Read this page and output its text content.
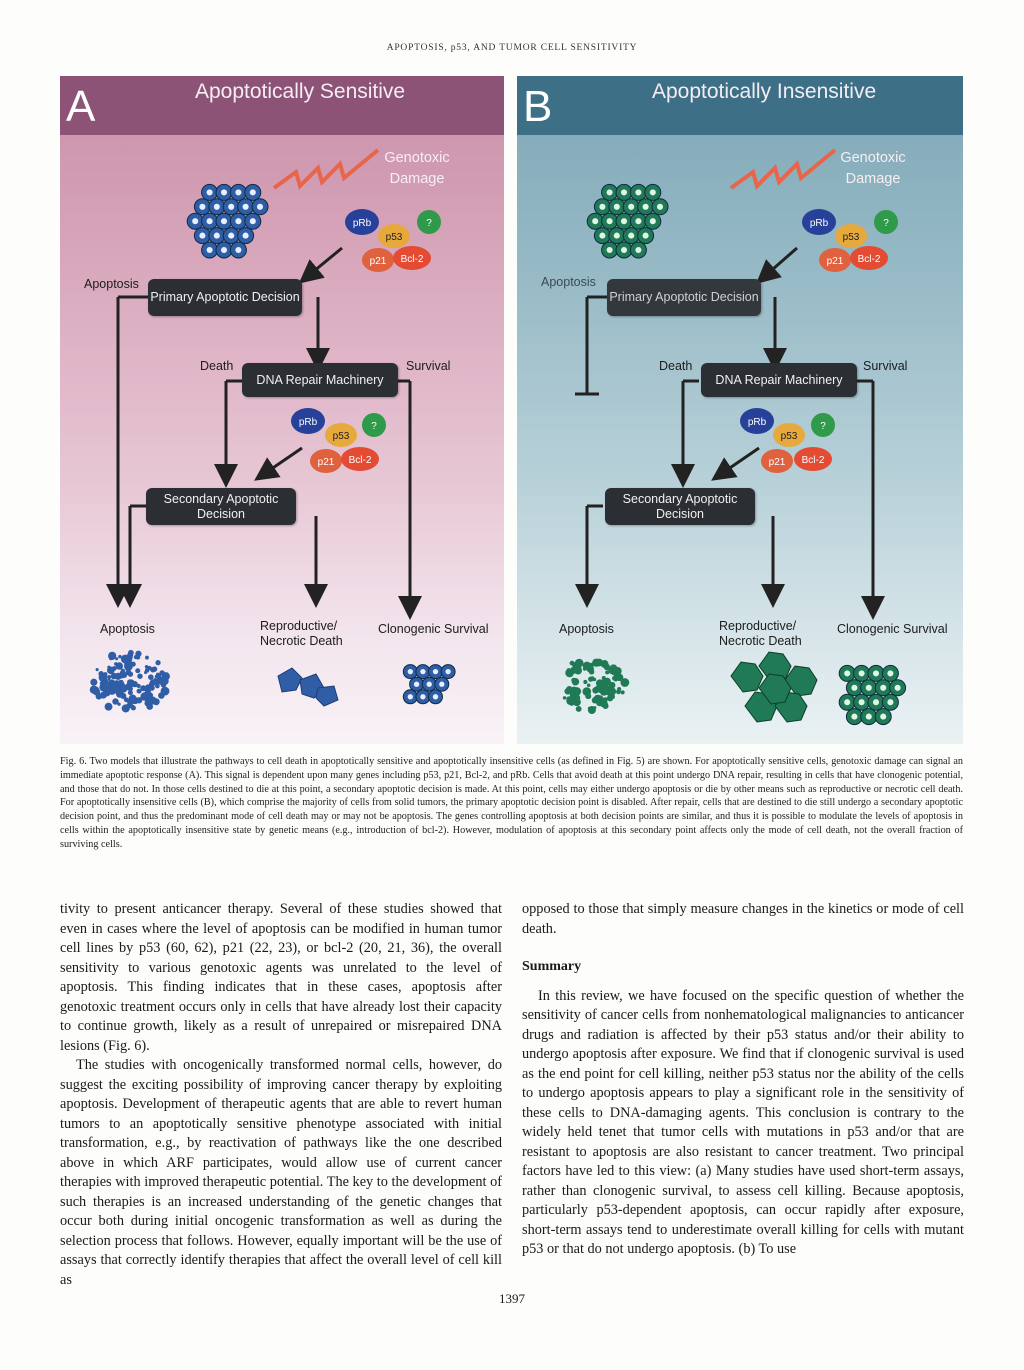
APOPTOSIS, p53, AND TUMOR CELL SENSITIVITY
A	Apoptotically Sensitive
pRb
p53
?
p21 Bcl-2
pRb
p53
?
p21 Bcl-2
Genotoxic Damage
Apoptosis
Primary Apoptotic Decision
Death	Survival
DNA Repair Machinery
Secondary Apoptotic Decision
Apoptosis	Reproductive/ Necrotic Death
Clonogenic Survival
B	Apoptotically Insensitive
pRb
p53
?
p21 Bcl-2
pRb
p53
?
p21 Bcl-2
Genotoxic Damage
Apoptosis
Primary Apoptotic Decision
Death	Survival
DNA Repair Machinery
Secondary Apoptotic Decision
Apoptosis	Reproductive/ Necrotic Death
Clonogenic Survival
Fig. 6. Two models that illustrate the pathways to cell death in apoptotically sensitive and apoptotically insensitive cells (as defined in Fig. 5) are shown. For apoptotically sensitive cells, genotoxic damage can signal an immediate apoptotic response (A). This signal is dependent upon many genes including p53, p21, Bcl-2, and pRb. Cells that avoid death at this point undergo DNA repair, resulting in cells that have clonogenic potential, and those that do not. In those cells destined to die at this point, a secondary apoptotic decision is made. At this point, cells may either undergo apoptosis or die by other means such as reproductive or necrotic cell death. For apoptotically insensitive cells (B), which comprise the majority of cells from solid tumors, the primary apoptotic decision point is disabled. After repair, cells that are destined to die still undergo a secondary apoptotic decision point, and thus the predominant mode of cell death may or may not be apoptosis. The genes controlling apoptosis at both decision points are similar, and thus it is possible to modulate the levels of apoptosis in cells within the apoptotically insensitive state by genetic means (e.g., introduction of bcl-2). However, modulation of apoptosis at this secondary point affects only the mode of cell death, not the overall fraction of surviving cells.

tivity to present anticancer therapy. Several of these studies showed that even in cases where the level of apoptosis can be modified in human tumor cell lines by p53 (60, 62), p21 (22, 23), or bcl-2 (20, 21, 36), the overall sensitivity to various genotoxic agents was unrelated to the level of apoptosis. This finding indicates that in these cases, apoptosis after genotoxic treatment occurs only in cells that have already lost their capacity to continue growth, likely as a result of unrepaired or misrepaired DNA lesions (Fig. 6).

The studies with oncogenically transformed normal cells, however, do suggest the exciting possibility of improving cancer therapy by exploiting apoptosis. Development of therapeutic agents that are able to revert human tumors to an apoptotically sensitive phenotype associated with initial transformation, e.g., by reactivation of pathways like the one described above in which ARF participates, would allow use of current cancer therapies with improved therapeutic potential. The key to the development of such therapies is an increased understanding of the genetic changes that occur both during initial oncogenic transformation as well as during the selection process that follows. However, equally important will be the use of assays that correctly identify therapies that affect the overall level of cell kill as

opposed to those that simply measure changes in the kinetics or mode of cell death.

Summary

In this review, we have focused on the specific question of whether the sensitivity of cancer cells from nonhematological malignancies to anticancer drugs and radiation is affected by their p53 status and/or their ability to undergo apoptosis after exposure. We find that if clonogenic survival is used as the end point for cell killing, neither p53 status nor the ability of the cells to undergo apoptosis appears to play a significant role in the sensitivity of these cells to DNA-damaging agents. This conclusion is contrary to the widely held tenet that tumor cells with mutations in p53 and/or that are resistant to apoptosis are also resistant to cancer treatment. Two principal factors have led to this view: (a) Many studies have used short-term assays, rather than clonogenic survival, to assess cell killing. Because apoptosis, particularly p53-dependent apoptosis, can occur rapidly after exposure, short-term assays tend to underestimate overall killing for cells with mutant p53 or that do not undergo apoptosis. (b) To use

1397
